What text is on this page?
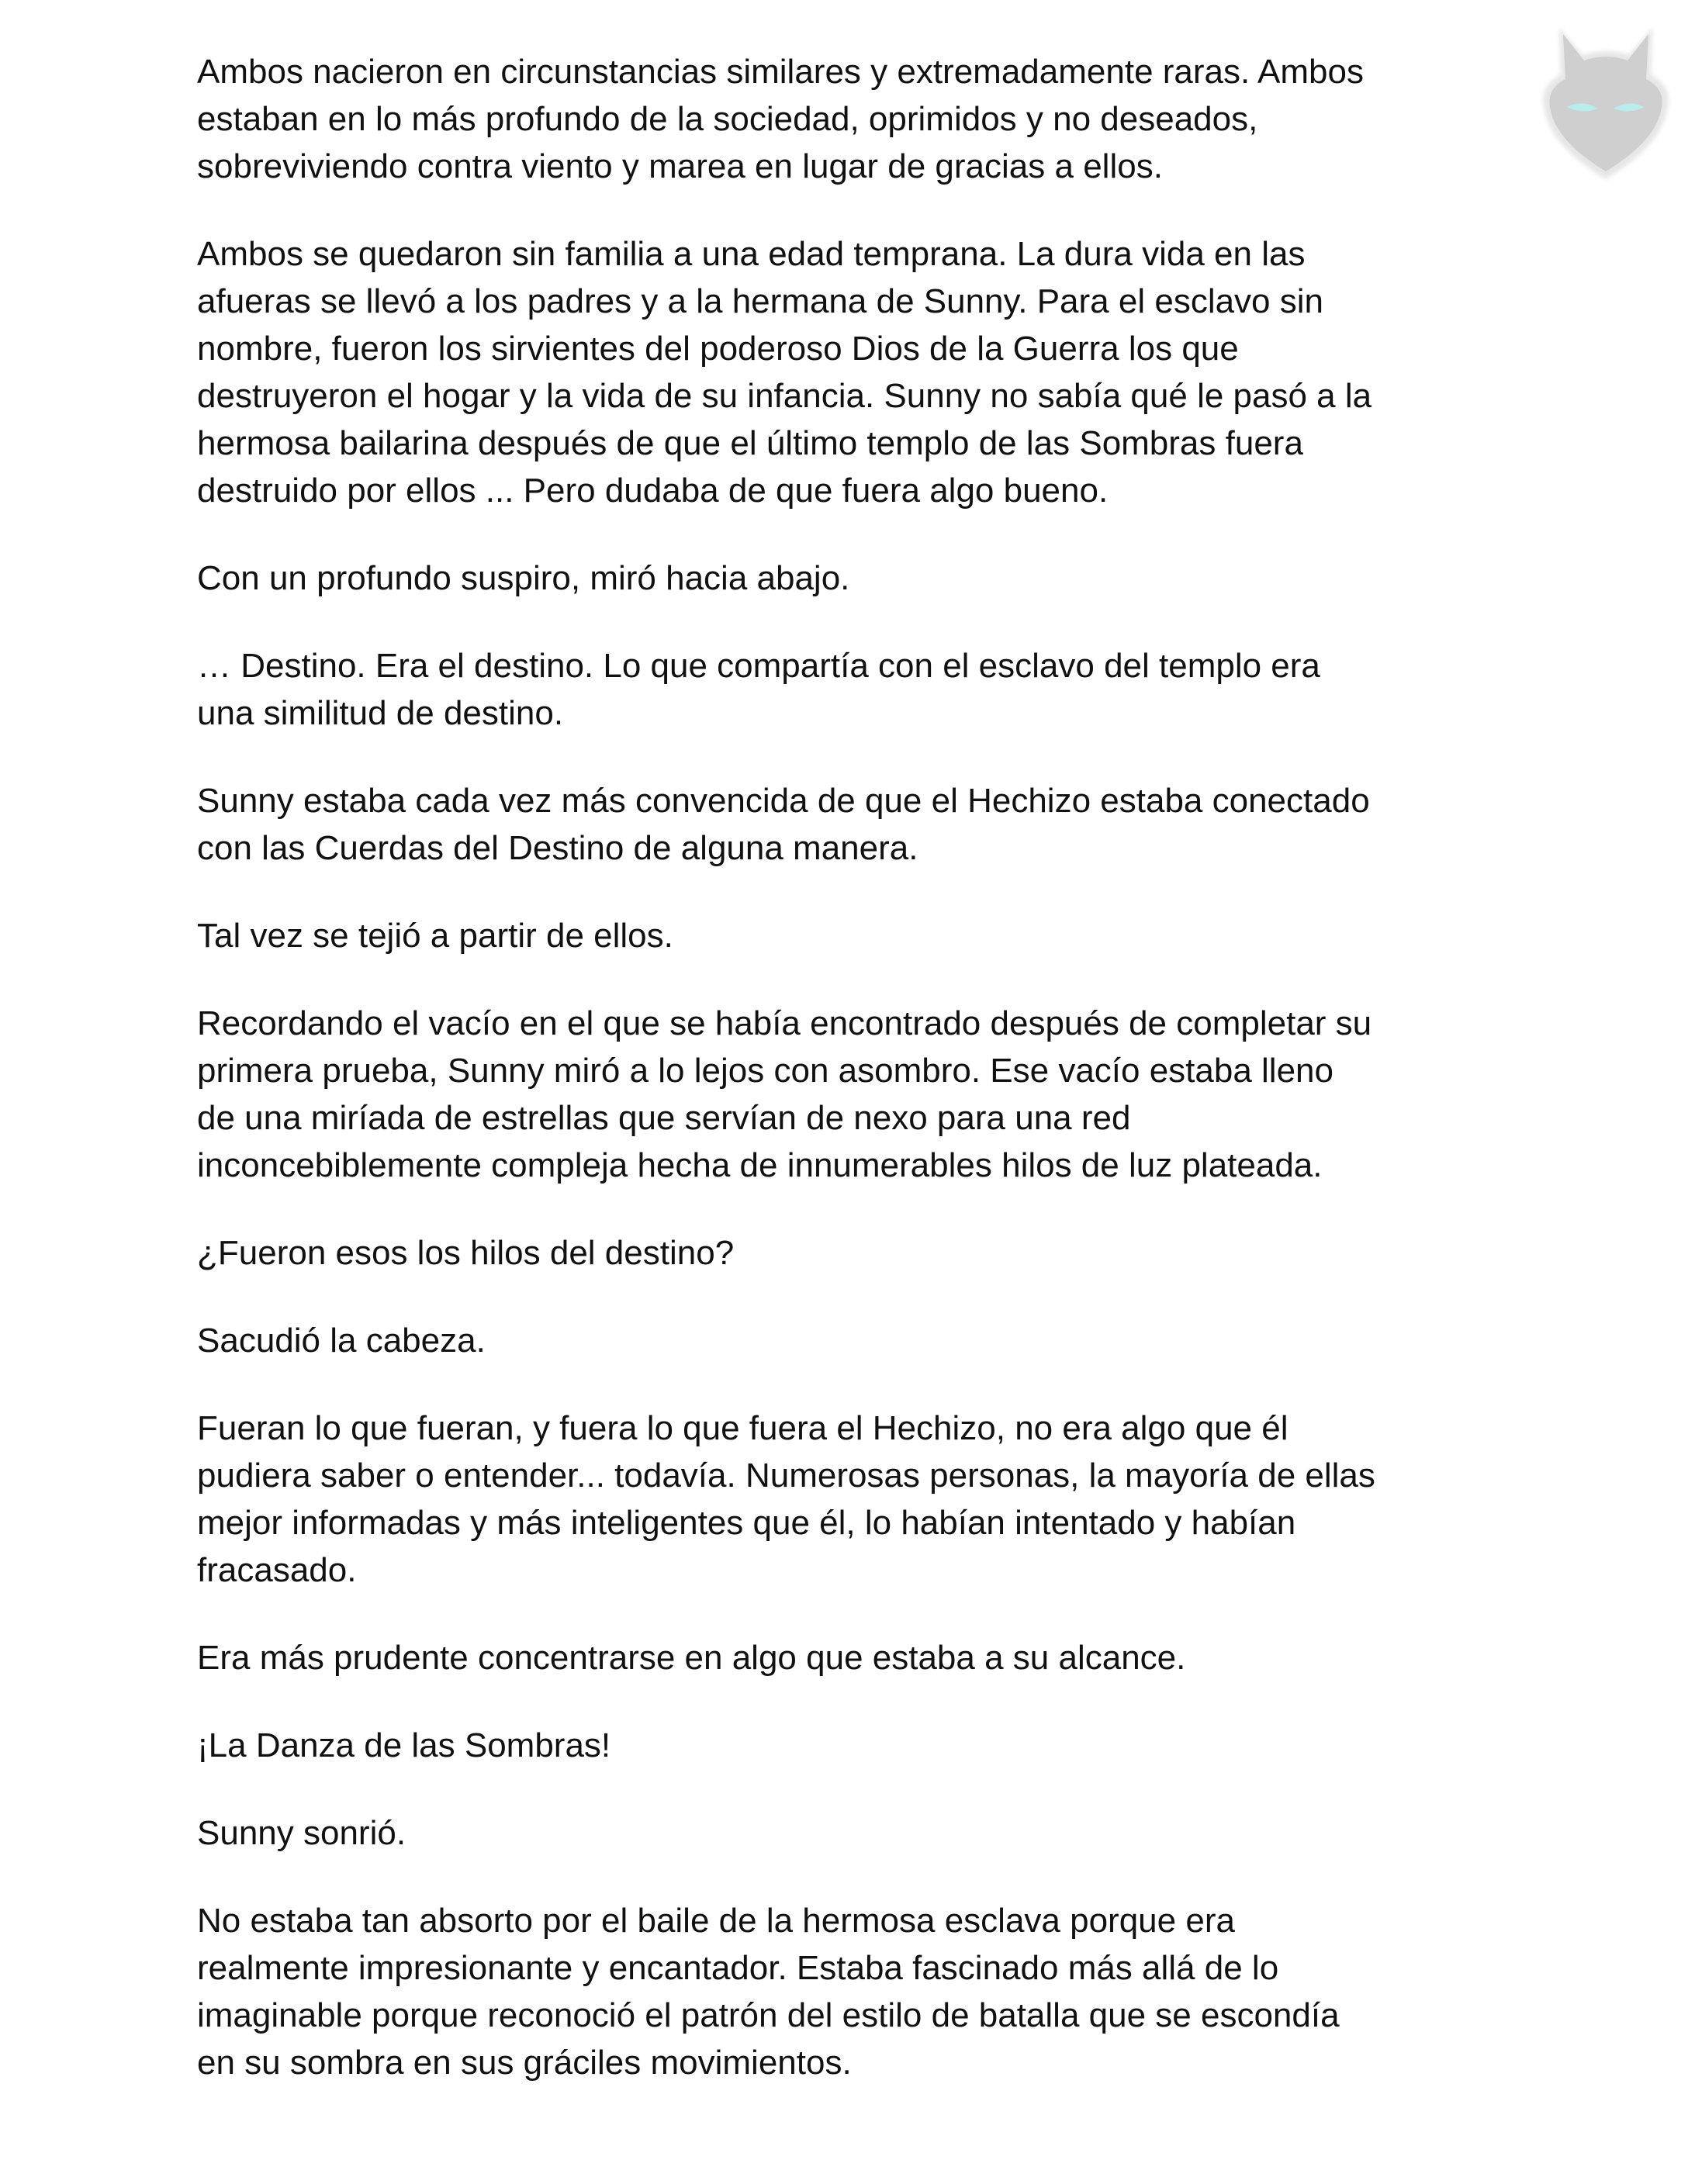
Ambos nacieron en circunstancias similares y extremadamente raras. Ambos
estaban en lo más profundo de la sociedad, oprimidos y no deseados,
sobreviviendo contra viento y marea en lugar de gracias a ellos.

Ambos se quedaron sin familia a una edad temprana. La dura vida en las
afueras se llevó a los padres y a la hermana de Sunny. Para el esclavo sin
nombre, fueron los sirvientes del poderoso Dios de la Guerra los que
destruyeron el hogar y la vida de su infancia. Sunny no sabía qué le pasó a la
hermosa bailarina después de que el último templo de las Sombras fuera
destruido por ellos ... Pero dudaba de que fuera algo bueno.

Con un profundo suspiro, miró hacia abajo.

… Destino. Era el destino. Lo que compartía con el esclavo del templo era
una similitud de destino.

Sunny estaba cada vez más convencida de que el Hechizo estaba conectado
con las Cuerdas del Destino de alguna manera.

Tal vez se tejió a partir de ellos.

Recordando el vacío en el que se había encontrado después de completar su
primera prueba, Sunny miró a lo lejos con asombro. Ese vacío estaba lleno
de una miríada de estrellas que servían de nexo para una red
inconcebiblemente compleja hecha de innumerables hilos de luz plateada.

¿Fueron esos los hilos del destino?

Sacudió la cabeza.

Fueran lo que fueran, y fuera lo que fuera el Hechizo, no era algo que él
pudiera saber o entender... todavía. Numerosas personas, la mayoría de ellas
mejor informadas y más inteligentes que él, lo habían intentado y habían
fracasado.

Era más prudente concentrarse en algo que estaba a su alcance.

¡La Danza de las Sombras!

Sunny sonrió.

No estaba tan absorto por el baile de la hermosa esclava porque era
realmente impresionante y encantador. Estaba fascinado más allá de lo
imaginable porque reconoció el patrón del estilo de batalla que se escondía
en su sombra en sus gráciles movimientos.
